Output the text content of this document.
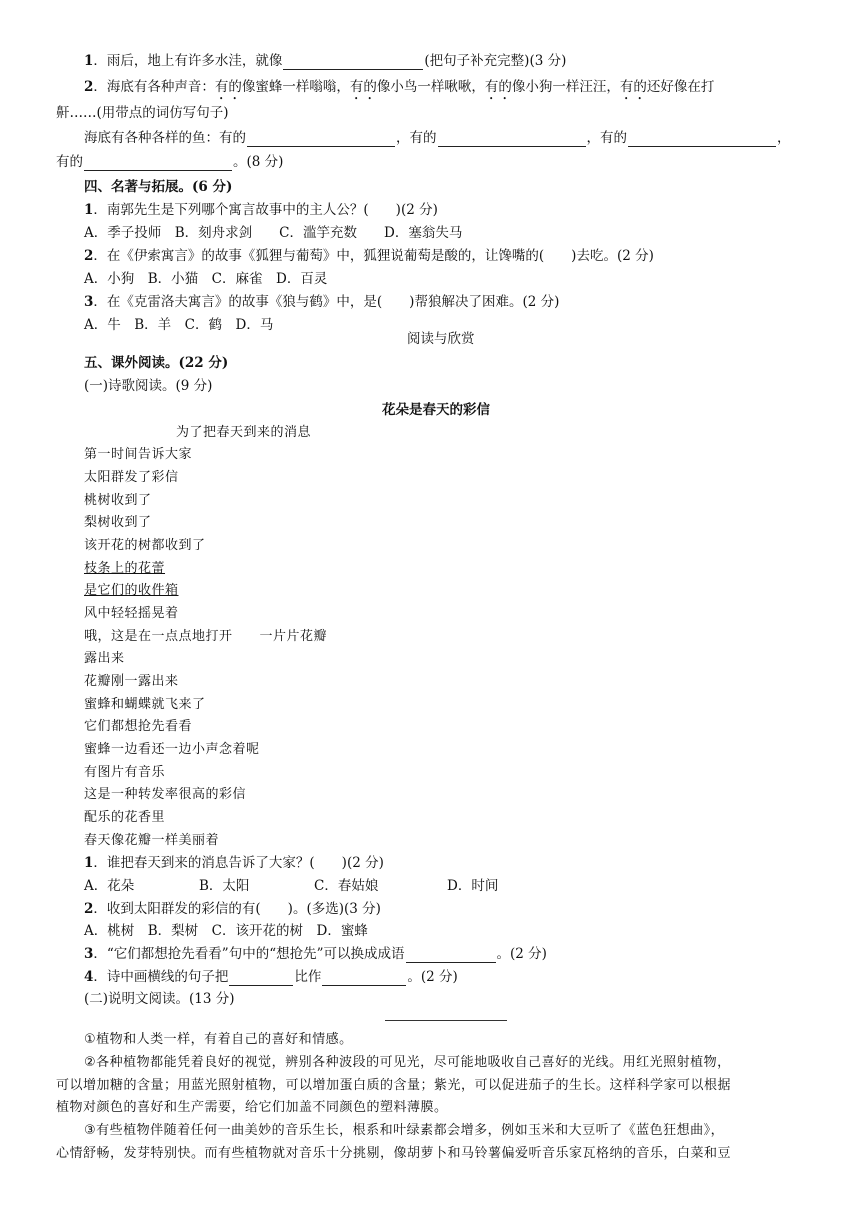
1．雨后，地上有许多水洼，就像	(把句子补充完整)(3 分)
2．海底有各种声音：有的像蜜蜂一样嗡嗡，有的像小鸟一样啾啾，有的像小狗一样汪汪，有的还好像在打
鼾……(用带点的词仿写句子)
海底有各种各样的鱼：有的	，有的	，有的	，
有的	。(8 分)
四、名著与拓展。(6 分)
1．南郭先生是下列哪个寓言故事中的主人公？(　　)(2 分)
A．季子投师　B．刻舟求剑　　C．滥竽充数　　D．塞翁失马
2．在《伊索寓言》的故事《狐狸与葡萄》中，狐狸说葡萄是酸的，让馋嘴的(　　)去吃。(2 分)
A．小狗　B．小猫　C．麻雀　D．百灵
3．在《克雷洛夫寓言》的故事《狼与鹤》中，是(　　)帮狼解决了困难。(2 分)
A．牛　B．羊　C．鹤　D．马
阅读与欣赏
五、课外阅读。(22 分)
(一)诗歌阅读。(9 分)
花朵是春天的彩信
为了把春天到来的消息
第一时间告诉大家
太阳群发了彩信
桃树收到了
梨树收到了
该开花的树都收到了
枝条上的花蕾
是它们的收件箱
风中轻轻摇晃着
哦，这是在一点点地打开　　一片片花瓣
露出来
花瓣刚一露出来
蜜蜂和蝴蝶就飞来了
它们都想抢先看看
蜜蜂一边看还一边小声念着呢
有图片有音乐
这是一种转发率很高的彩信
配乐的花香里
春天像花瓣一样美丽着
1．谁把春天到来的消息告诉了大家？(　　)(2 分)
A．花朵	B．太阳	C．春姑娘	D．时间
2．收到太阳群发的彩信的有(　　)。(多选)(3 分)
A．桃树　B．梨树　C．该开花的树　D．蜜蜂
3．“它们都想抢先看看”句中的“想抢先”可以换成成语	。(2 分)
4．诗中画横线的句子把	比作	。(2 分)
(二)说明文阅读。(13 分)
①植物和人类一样，有着自己的喜好和情感。
②各种植物都能凭着良好的视觉，辨别各种波段的可见光，尽可能地吸收自己喜好的光线。用红光照射植物，
可以增加糖的含量；用蓝光照射植物，可以增加蛋白质的含量；紫光，可以促进茄子的生长。这样科学家可以根据
植物对颜色的喜好和生产需要，给它们加盖不同颜色的塑料薄膜。
③有些植物伴随着任何一曲美妙的音乐生长，根系和叶绿素都会增多，例如玉米和大豆听了《蓝色狂想曲》，
心情舒畅，发芽特别快。而有些植物就对音乐十分挑剔，像胡萝卜和马铃薯偏爱听音乐家瓦格纳的音乐，白菜和豆
